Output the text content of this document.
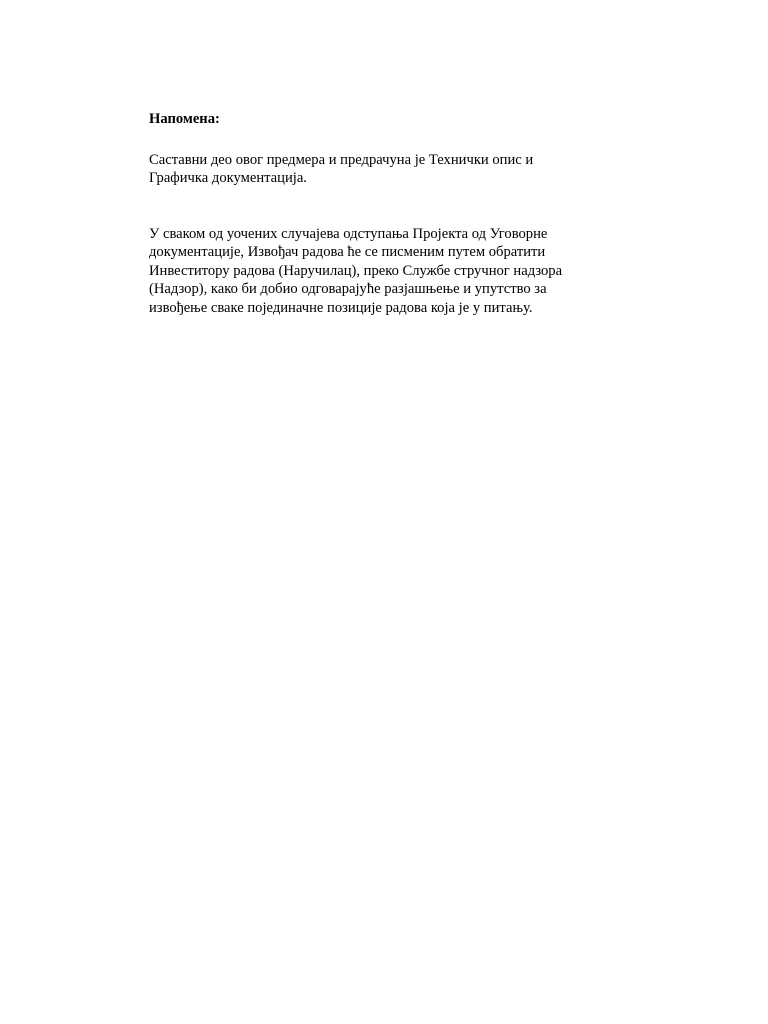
Напомена:

Саставни део овог предмера и предрачуна је Технички опис и
Графичка документација.

У сваком од уочених случајева одступања Пројекта од Уговорне
документације, Извођач радова ће се писменим путем обратити
Инвеститору радова (Наручилац), преко Службе стручног надзора
(Надзор), како би добио одговарајуће разјашњење и упутство за
извођење сваке појединачне позиције радова која је у питању.
